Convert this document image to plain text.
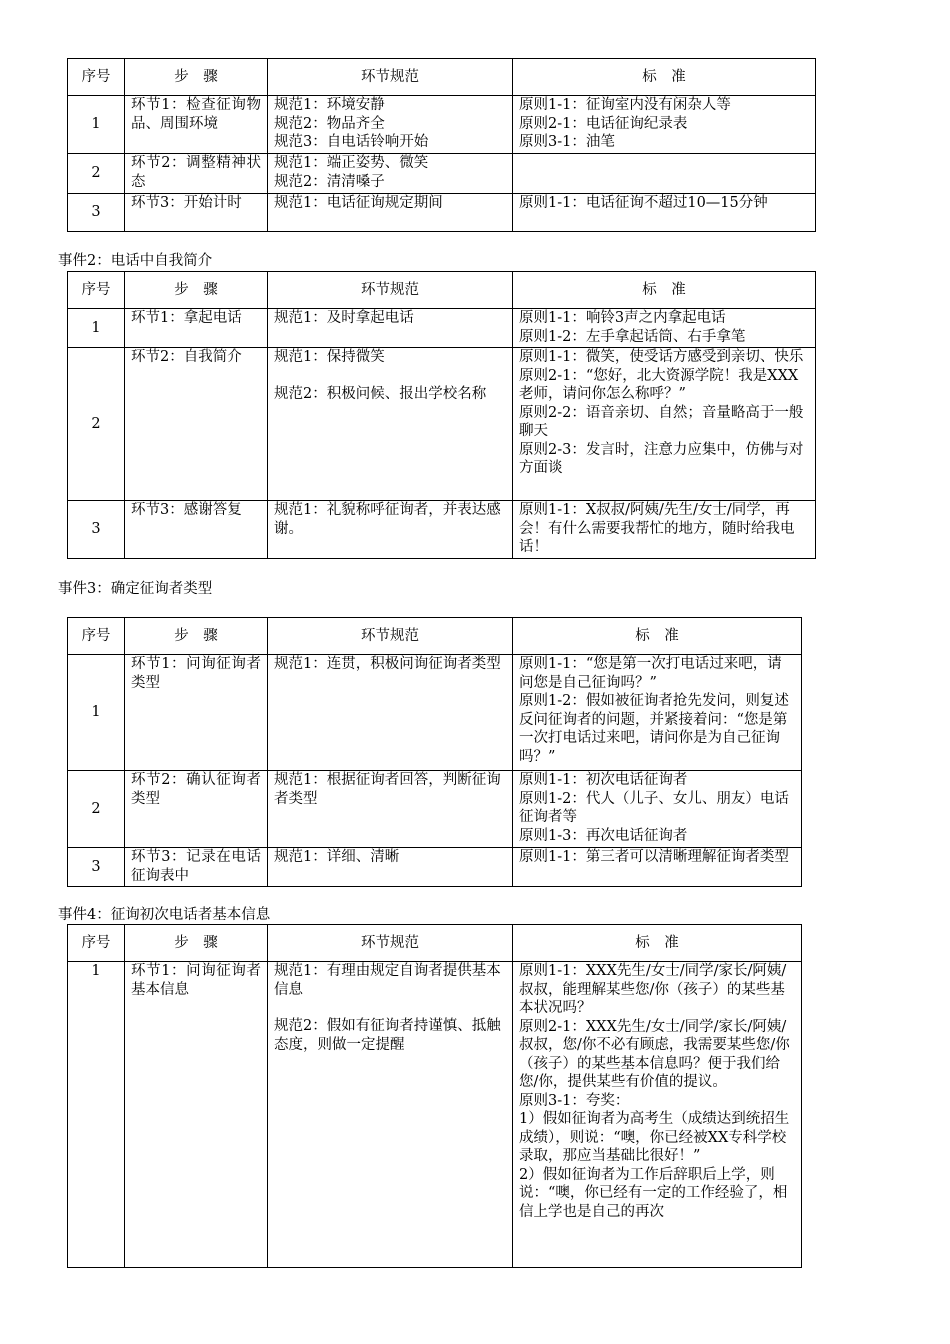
序号	步　骤	环节规范	标　准
1	环节1：检查征询物品、周围环境	规范1：环境安静
规范2：物品齐全
规范3：自电话铃响开始	原则1-1：征询室内没有闲杂人等
原则2-1：电话征询纪录表
原则3-1：油笔

2	环节2：调整精神状态	规范1：端正姿势、微笑
规范2：清清嗓子	

3	环节3：开始计时	规范1：电话征询规定期间	原则1-1：电话征询不超过10—15分钟
事件2：电话中自我简介
序号	步　骤	环节规范	标　准
1	环节1：拿起电话	规范1：及时拿起电话	原则1-1：响铃3声之内拿起电话
原则1-2：左手拿起话筒、右手拿笔

2	环节2：自我简介	规范1：保持微笑
规范2：积极问候、报出学校名称	原则1-1：微笑，使受话方感受到亲切、快乐
原则2-1：“您好，北大资源学院！我是XXX老师，请问你怎么称呼？”
原则2-2：语音亲切、自然；音量略高于一般聊天
原则2-3：发言时，注意力应集中，仿佛与对方面谈

3	环节3：感谢答复	规范1：礼貌称呼征询者，并表达感谢。	原则1-1：X叔叔/阿姨/先生/女士/同学，再会！有什么需要我帮忙的地方，随时给我电话！
事件3：确定征询者类型
序号	步　骤	环节规范	标　准
1	环节1：问询征询者类型	规范1：连贯，积极问询征询者类型	原则1-1：“您是第一次打电话过来吧，请问您是自己征询吗？”
原则1-2：假如被征询者抢先发问，则复述反问征询者的问题，并紧接着问：“您是第一次打电话过来吧，请问你是为自己征询吗？”

2	环节2：确认征询者类型	规范1：根据征询者回答，判断征询者类型	原则1-1：初次电话征询者
原则1-2：代人（儿子、女儿、朋友）电话征询者等
原则1-3：再次电话征询者

3	环节3：记录在电话征询表中	规范1：详细、清晰	原则1-1：第三者可以清晰理解征询者类型
事件4：征询初次电话者基本信息
序号	步　骤	环节规范	标　准
1	环节1：问询征询者基本信息	规范1：有理由规定自询者提供基本信息
规范2：假如有征询者持谨慎、抵触态度，则做一定提醒	原则1-1：XXX先生/女士/同学/家长/阿姨/叔叔，能理解某些您/你（孩子）的某些基本状况吗？
原则2-1：XXX先生/女士/同学/家长/阿姨/叔叔，您/你不必有顾虑，我需要某些您/你（孩子）的某些基本信息吗？便于我们给您/你，提供某些有价值的提议。
原则3-1：夸奖：
1）假如征询者为高考生（成绩达到统招生成绩），则说：“噢，你已经被XX专科学校录取，那应当基础比很好！”
2）假如征询者为工作后辞职后上学，则说：“噢，你已经有一定的工作经验了，相信上学也是自己的再次
